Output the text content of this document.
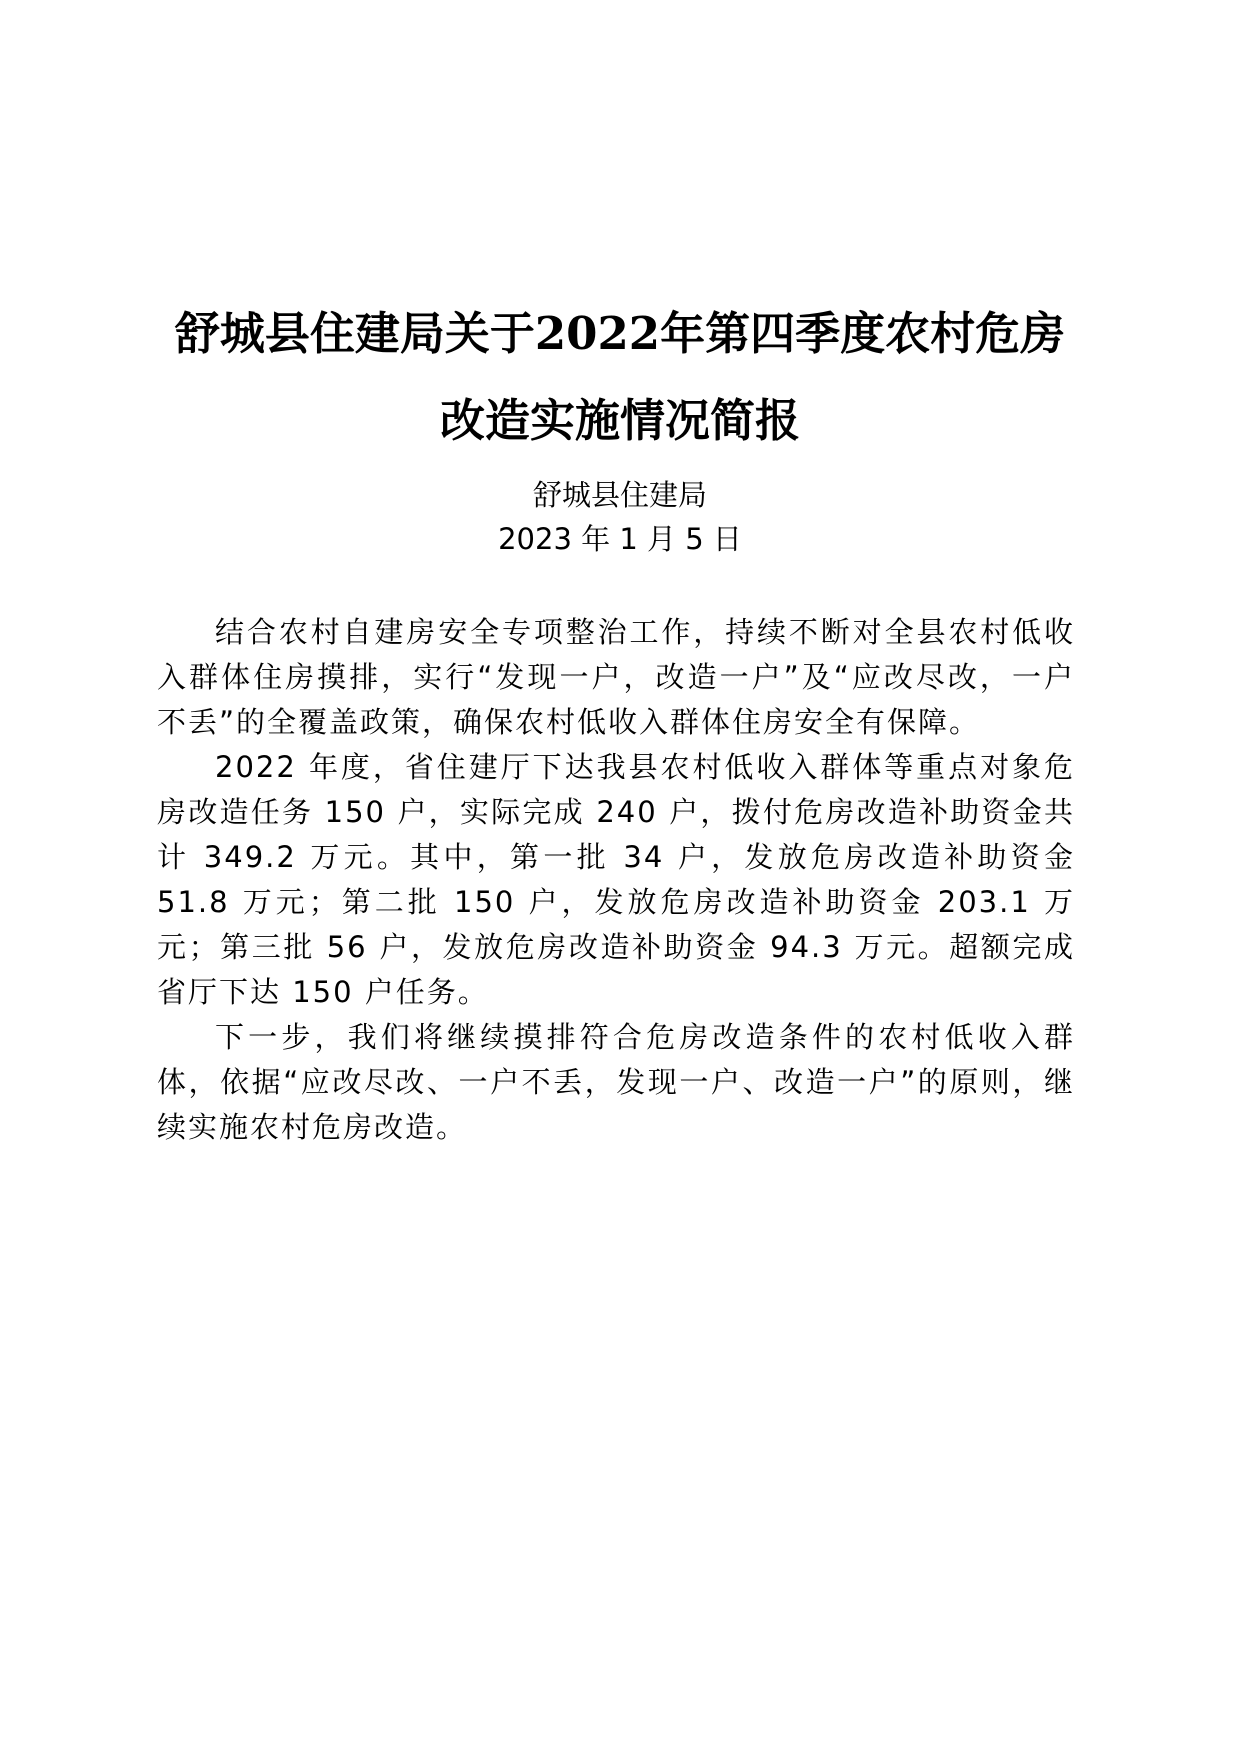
舒城县住建局关于2022年第四季度农村危房
改造实施情况简报
舒城县住建局
2023 年 1 月 5 日

结合农村自建房安全专项整治工作，持续不断对全县农村低收入群体住房摸排，实行“发现一户，改造一户”及“应改尽改，一户不丢”的全覆盖政策，确保农村低收入群体住房安全有保障。

2022 年度，省住建厅下达我县农村低收入群体等重点对象危房改造任务 150 户，实际完成 240 户，拨付危房改造补助资金共计 349.2 万元。其中，第一批 34 户，发放危房改造补助资金 51.8 万元；第二批 150 户，发放危房改造补助资金 203.1 万元；第三批 56 户，发放危房改造补助资金 94.3 万元。超额完成省厅下达 150 户任务。

下一步，我们将继续摸排符合危房改造条件的农村低收入群体，依据“应改尽改、一户不丢，发现一户、改造一户”的原则，继续实施农村危房改造。
